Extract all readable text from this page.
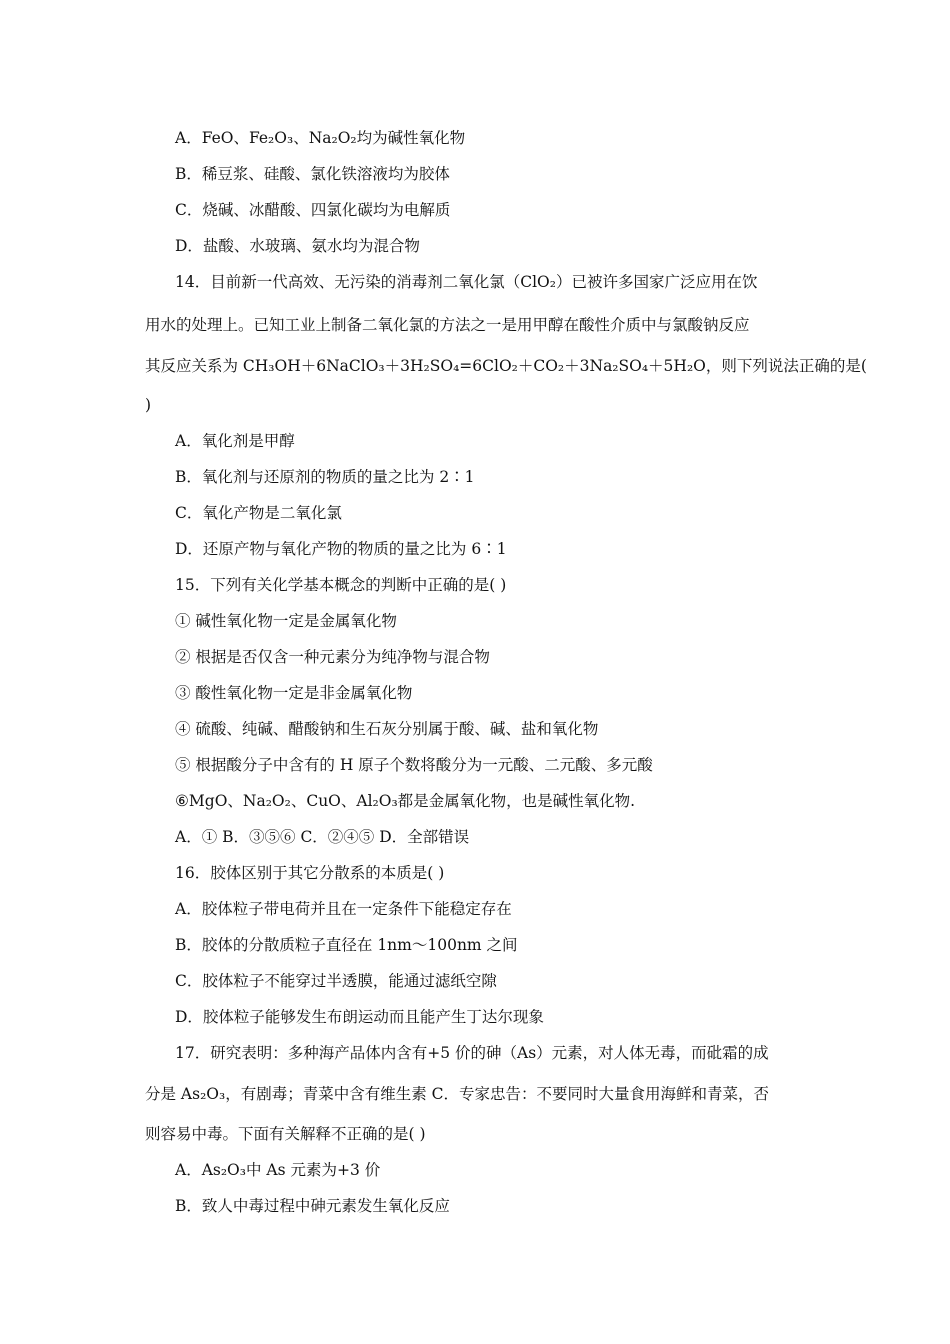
A．FeO、Fe₂O₃、Na₂O₂均为碱性氧化物
B．稀豆浆、硅酸、氯化铁溶液均为胶体
C．烧碱、冰醋酸、四氯化碳均为电解质
D．盐酸、水玻璃、氨水均为混合物
14．目前新一代高效、无污染的消毒剂二氧化氯（ClO₂）已被许多国家广泛应用在饮
用水的处理上。已知工业上制备二氧化氯的方法之一是用甲醇在酸性介质中与氯酸钠反应
其反应关系为 CH₃OH＋6NaClO₃＋3H₂SO₄=6ClO₂＋CO₂＋3Na₂SO₄＋5H₂O，则下列说法正确的是(
)
A．氧化剂是甲醇
B．氧化剂与还原剂的物质的量之比为 2∶1
C．氧化产物是二氧化氯
D．还原产物与氧化产物的物质的量之比为 6∶1
15．下列有关化学基本概念的判断中正确的是( )
① 碱性氧化物一定是金属氧化物
② 根据是否仅含一种元素分为纯净物与混合物
③ 酸性氧化物一定是非金属氧化物
④ 硫酸、纯碱、醋酸钠和生石灰分别属于酸、碱、盐和氧化物
⑤ 根据酸分子中含有的 H 原子个数将酸分为一元酸、二元酸、多元酸
⑥MgO、Na₂O₂、CuO、Al₂O₃都是金属氧化物，也是碱性氧化物.
A．① B．③⑤⑥ C．②④⑤ D．全部错误
16．胶体区别于其它分散系的本质是( )
A．胶体粒子带电荷并且在一定条件下能稳定存在
B．胶体的分散质粒子直径在 1nm～100nm 之间
C．胶体粒子不能穿过半透膜，能通过滤纸空隙
D．胶体粒子能够发生布朗运动而且能产生丁达尔现象
17．研究表明：多种海产品体内含有+5 价的砷（As）元素，对人体无毒，而砒霜的成
分是 As₂O₃，有剧毒；青菜中含有维生素 C．专家忠告：不要同时大量食用海鲜和青菜，否
则容易中毒。下面有关解释不正确的是( )
A．As₂O₃中 As 元素为+3 价
B．致人中毒过程中砷元素发生氧化反应
